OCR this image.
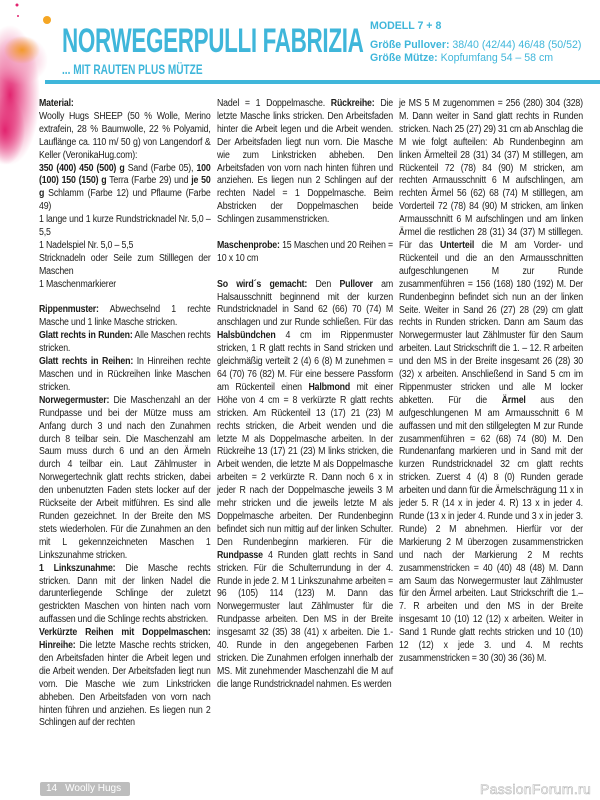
NORWEGERPULLI FABRIZIA
... MIT RAUTEN PLUS MÜTZE
MODELL 7 + 8
Größe Pullover: 38/40 (42/44) 46/48 (50/52)
Größe Mütze: Kopfumfang 54 – 58 cm

Material:

Woolly Hugs SHEEP (50 % Wolle, Merino extrafein, 28 % Baumwolle, 22 % Polyamid, Lauflänge ca. 110 m/ 50 g) von Langendorf & Keller (VeronikaHug.com):

350 (400) 450 (500) g Sand (Farbe 05), 100 (100) 150 (150) g Terra (Farbe 29) und je 50 g Schlamm (Farbe 12) und Pflaume (Farbe 49)

1 lange und 1 kurze Rundstricknadel Nr. 5,0 – 5,5

1 Nadelspiel Nr. 5,0 – 5,5

Stricknadeln oder Seile zum Stilllegen der Maschen

1 Maschenmarkierer

Rippenmuster: Abwechselnd 1 rechte Masche und 1 linke Masche stricken.

Glatt rechts in Runden: Alle Maschen rechts stricken.

Glatt rechts in Reihen: In Hinreihen rechte Maschen und in Rückreihen linke Maschen stricken.

Norwegermuster: Die Maschenzahl an der Rundpasse und bei der Mütze muss am Anfang durch 3 und nach den Zunahmen durch 8 teilbar sein. Die Maschenzahl am Saum muss durch 6 und an den Ärmeln durch 4 teilbar ein. Laut Zählmuster in Norwegertechnik glatt rechts stricken, dabei den unbenutzten Faden stets locker auf der Rückseite der Arbeit mitführen. Es sind alle Runden gezeichnet. In der Breite den MS stets wiederholen. Für die Zunahmen an den mit L gekennzeichneten Maschen 1 Linkszunahme stricken.

1 Linkszunahme: Die Masche rechts stricken. Dann mit der linken Nadel die darunterliegende Schlinge der zuletzt gestrickten Maschen von hinten nach vorn auffassen und die Schlinge rechts abstricken.

Verkürzte Reihen mit Doppelmaschen: Hinreihe: Die letzte Masche rechts stricken, den Arbeitsfaden hinter die Arbeit legen und die Arbeit wenden. Der Arbeitsfaden liegt nun vorn. Die Masche wie zum Linkstricken abheben. Den Arbeitsfaden von vorn nach hinten führen und anziehen. Es liegen nun 2 Schlingen auf der rechten

Nadel = 1 Doppelmasche. Rückreihe: Die letzte Masche links stricken. Den Arbeitsfaden hinter die Arbeit legen und die Arbeit wenden. Der Arbeitsfaden liegt nun vorn. Die Masche wie zum Linkstricken abheben. Den Arbeitsfaden von vorn nach hinten führen und anziehen. Es liegen nun 2 Schlingen auf der rechten Nadel = 1 Doppelmasche. Beim Abstricken der Doppelmaschen beide Schlingen zusammenstricken.

Maschenprobe: 15 Maschen und 20 Reihen = 10 x 10 cm

So wird´s gemacht: Den Pullover am Halsausschnitt beginnend mit der kurzen Rundstricknadel in Sand 62 (66) 70 (74) M anschlagen und zur Runde schließen. Für das Halsbündchen 4 cm im Rippenmuster stricken, 1 R glatt rechts in Sand stricken und gleichmäßig verteilt 2 (4) 6 (8) M zunehmen = 64 (70) 76 (82) M. Für eine bessere Passform am Rückenteil einen Halbmond mit einer Höhe von 4 cm = 8 verkürzte R glatt rechts stricken. Am Rückenteil 13 (17) 21 (23) M rechts stricken, die Arbeit wenden und die letzte M als Doppelmasche arbeiten. In der Rückreihe 13 (17) 21 (23) M links stricken, die Arbeit wenden, die letzte M als Doppelmasche arbeiten = 2 verkürzte R. Dann noch 6 x in jeder R nach der Doppelmasche jeweils 3 M mehr stricken und die jeweils letzte M als Doppelmasche arbeiten. Der Rundenbeginn befindet sich nun mittig auf der linken Schulter. Den Rundenbeginn markieren. Für die Rundpasse 4 Runden glatt rechts in Sand stricken. Für die Schulterrundung in der 4. Runde in jede 2. M 1 Linkszunahme arbeiten = 96 (105) 114 (123) M. Dann das Norwegermuster laut Zählmuster für die Rundpasse arbeiten. Den MS in der Breite insgesamt 32 (35) 38 (41) x arbeiten. Die 1.- 40. Runde in den angegebenen Farben stricken. Die Zunahmen erfolgen innerhalb der MS. Mit zunehmender Maschenzahl die M auf die lange Rundstricknadel nahmen. Es werden

je MS 5 M zugenommen = 256 (280) 304 (328) M. Dann weiter in Sand glatt rechts in Runden stricken. Nach 25 (27) 29) 31 cm ab Anschlag die M wie folgt aufteilen: Ab Rundenbeginn am linken Ärmelteil 28 (31) 34 (37) M stilllegen, am Rückenteil 72 (78) 84 (90) M stricken, am rechten Armausschnitt 6 M aufschlingen, am rechten Ärmel 56 (62) 68 (74) M stilllegen, am Vorderteil 72 (78) 84 (90) M stricken, am linken Armausschnitt 6 M aufschlingen und am linken Ärmel die restlichen 28 (31) 34 (37) M stilllegen. Für das Unterteil die M am Vorder- und Rückenteil und die an den Armausschnitten aufgeschlungenen M zur Runde zusammenführen = 156 (168) 180 (192) M. Der Rundenbeginn befindet sich nun an der linken Seite. Weiter in Sand 26 (27) 28 (29) cm glatt rechts in Runden stricken. Dann am Saum das Norwegermuster laut Zählmuster für den Saum arbeiten. Laut Strickschrift die 1. – 12. R arbeiten und den MS in der Breite insgesamt 26 (28) 30 (32) x arbeiten. Anschließend in Sand 5 cm im Rippenmuster stricken und alle M locker abketten. Für die Ärmel aus den aufgeschlungenen M am Armausschnitt 6 M auffassen und mit den stillgelegten M zur Runde zusammenführen = 62 (68) 74 (80) M. Den Rundenanfang markieren und in Sand mit der kurzen Rundstricknadel 32 cm glatt rechts stricken. Zuerst 4 (4) 8 (0) Runden gerade arbeiten und dann für die Ärmelschrägung 11 x in jeder 5. R (14 x in jeder 4. R) 13 x in jeder 4. Runde (13 x in jeder 4. Runde und 3 x in jeder 3. Runde) 2 M abnehmen. Hierfür vor der Markierung 2 M überzogen zusammenstricken und nach der Markierung 2 M rechts zusammenstricken = 40 (40) 48 (48) M. Dann am Saum das Norwegermuster laut Zählmuster für den Ärmel arbeiten. Laut Strickschrift die 1.–7. R arbeiten und den MS in der Breite insgesamt 10 (10) 12 (12) x arbeiten. Weiter in Sand 1 Runde glatt rechts stricken und 10 (10) 12 (12) x jede 3. und 4. M rechts zusammenstricken = 30 (30) 36 (36) M.

14 Woolly Hugs	PassionForum.ru
